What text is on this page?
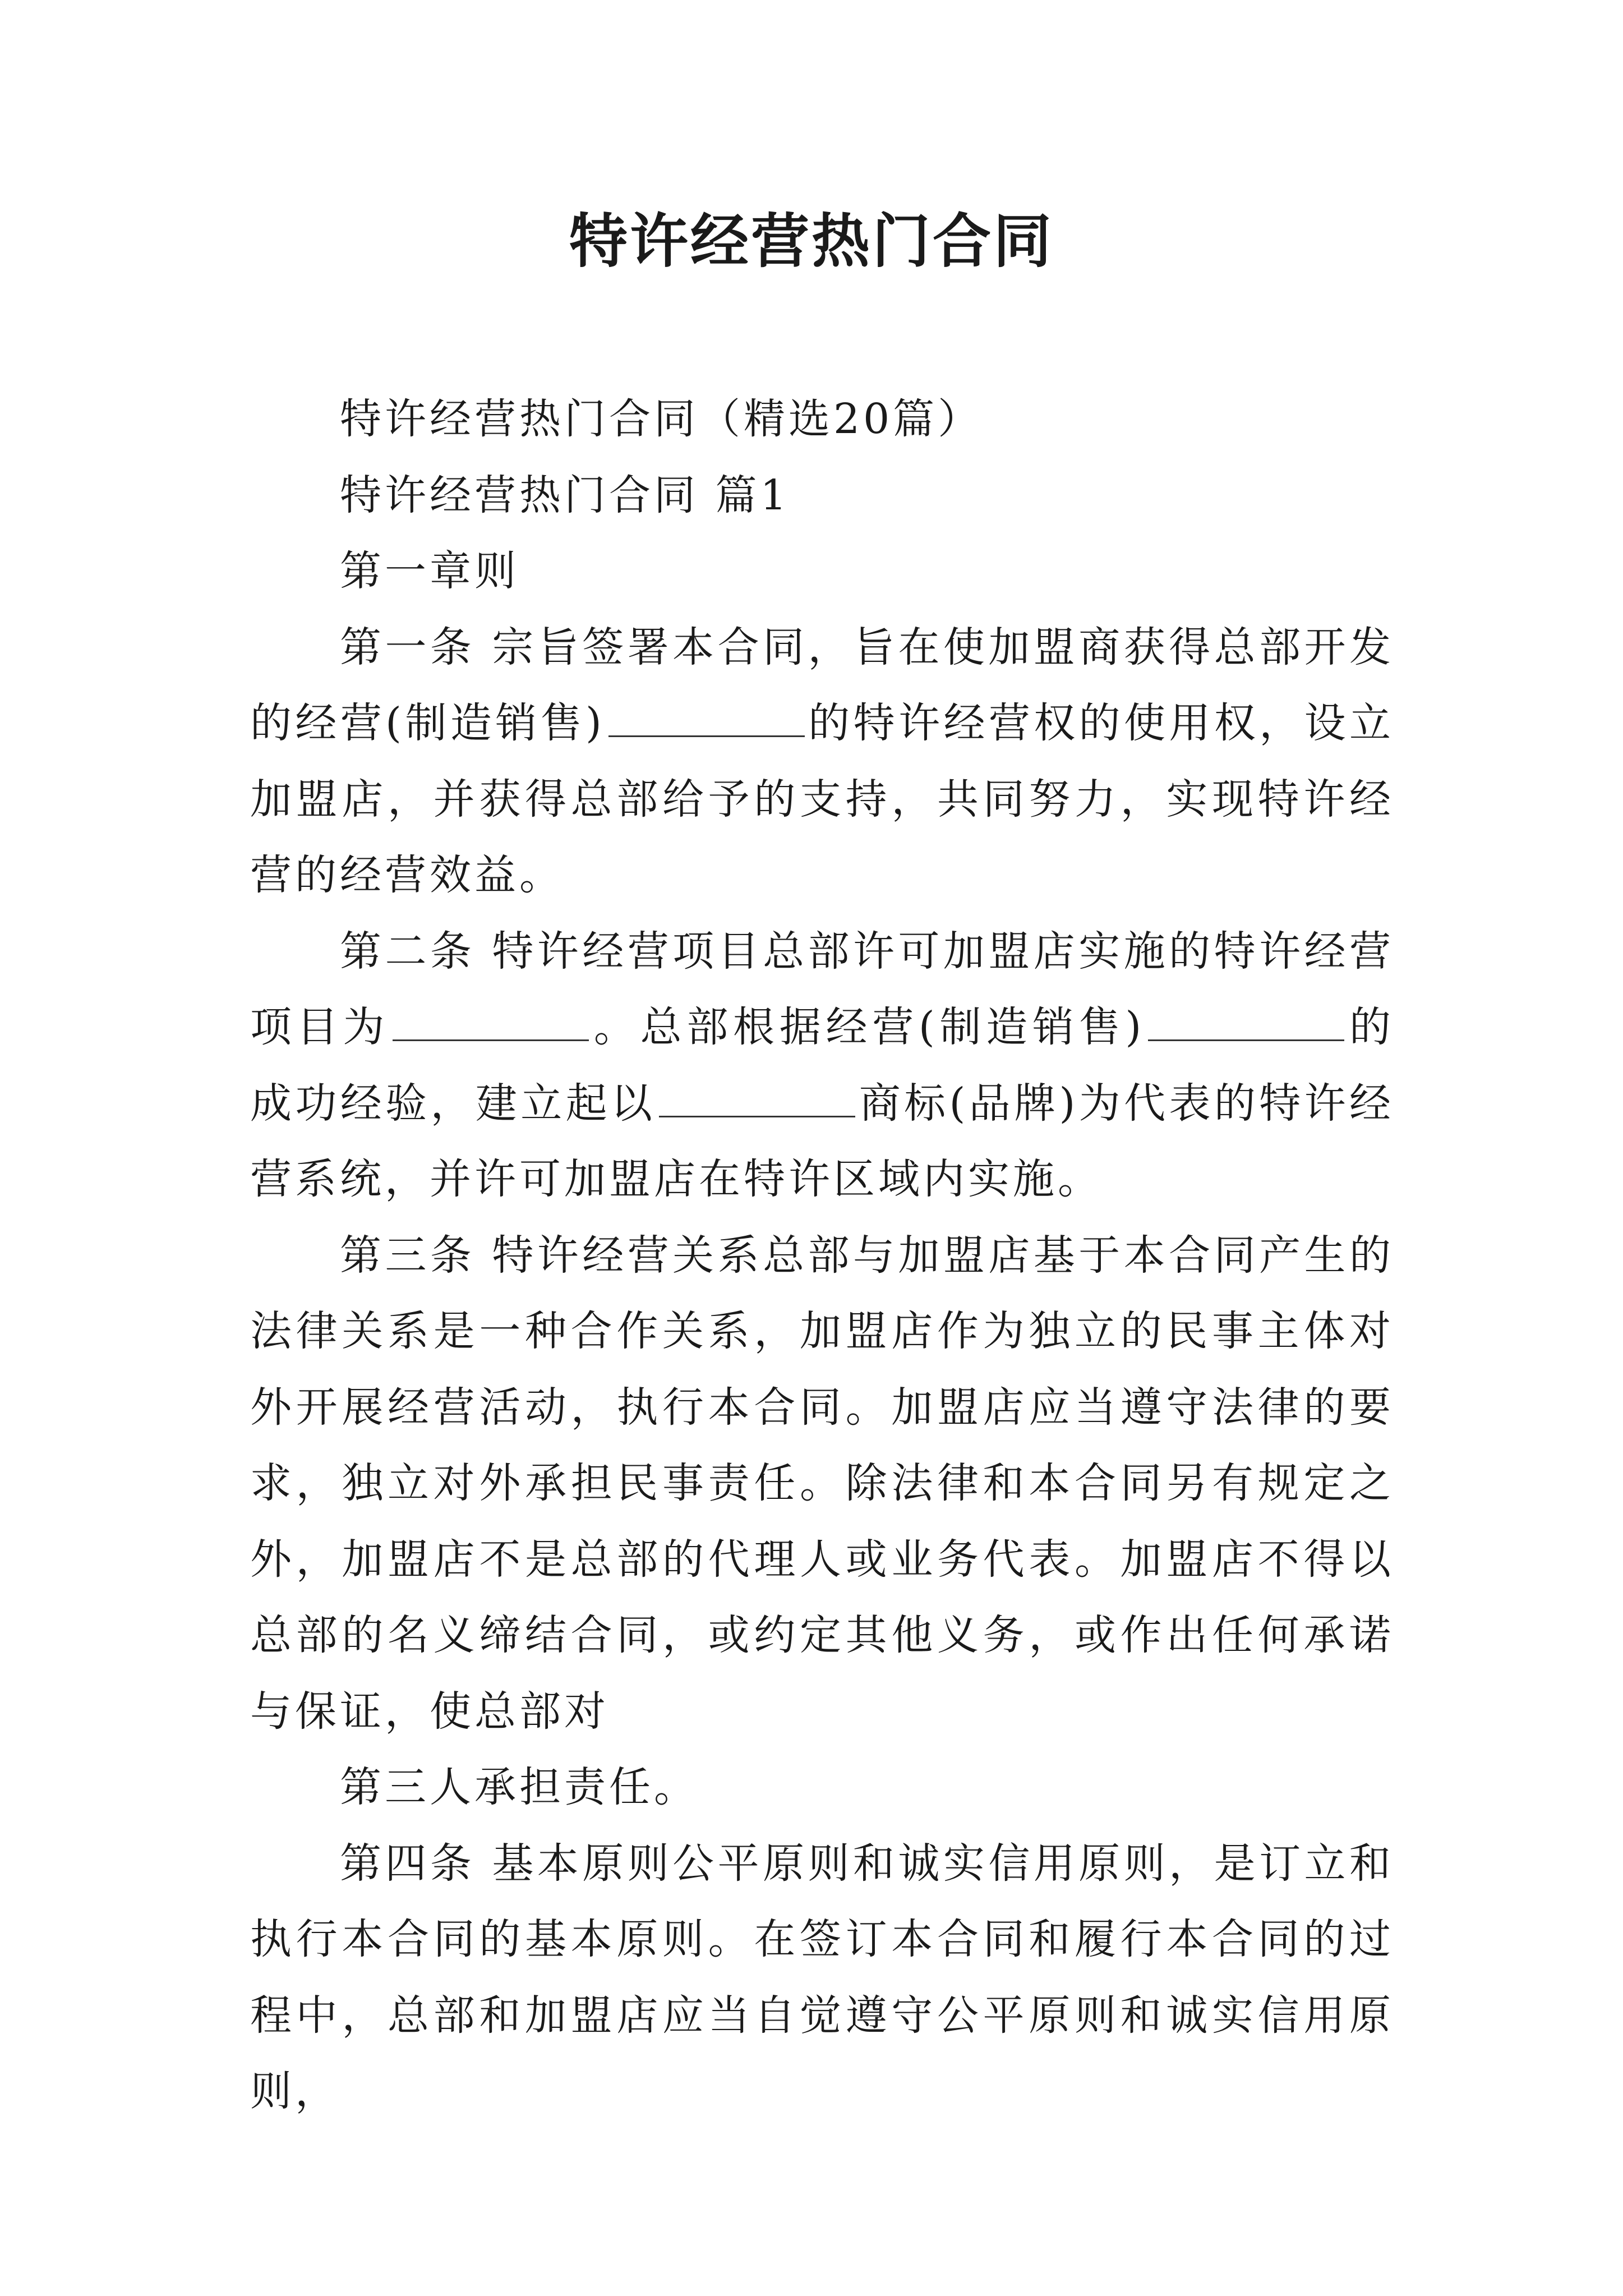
特许经营热门合同

特许经营热门合同（精选20篇）

特许经营热门合同 篇1

第一章则

第一条 宗旨签署本合同，旨在使加盟商获得总部开发的经营(制造销售)	的特许经营权的使用权，设立加盟店，并获得总部给予的支持，共同努力，实现特许经营的经营效益。

第二条 特许经营项目总部许可加盟店实施的特许经营项目为	。总部根据经营(制造销售)	的成功经验，建立起以	商标(品牌)为代表的特许经营系统，并许可加盟店在特许区域内实施。

第三条 特许经营关系总部与加盟店基于本合同产生的法律关系是一种合作关系，加盟店作为独立的民事主体对外开展经营活动，执行本合同。加盟店应当遵守法律的要求，独立对外承担民事责任。除法律和本合同另有规定之外，加盟店不是总部的代理人或业务代表。加盟店不得以总部的名义缔结合同，或约定其他义务，或作出任何承诺与保证，使总部对

第三人承担责任。

第四条 基本原则公平原则和诚实信用原则，是订立和执行本合同的基本原则。在签订本合同和履行本合同的过程中，总部和加盟店应当自觉遵守公平原则和诚实信用原则，
